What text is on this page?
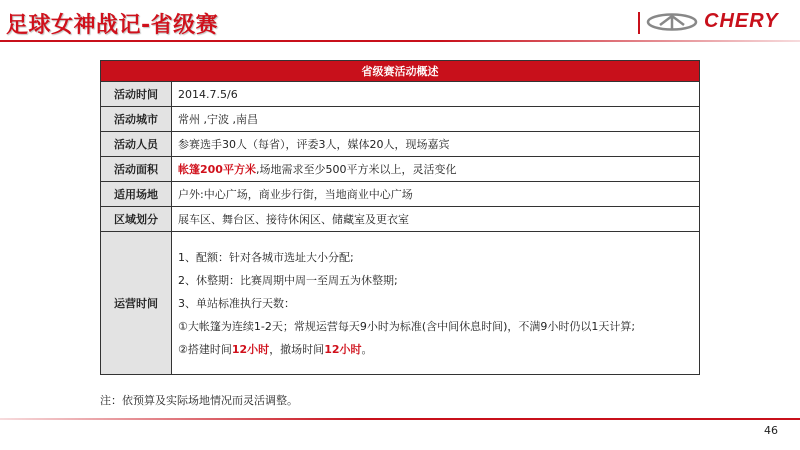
足球女神战记-省级赛	CHERY
省级赛活动概述	
活动时间	2014.7.5/6
活动城市	常州 ,宁波 ,南昌
活动人员	参赛选手30人（每省），评委3人，媒体20人，现场嘉宾
活动面积	帐篷200平方米,场地需求至少500平方米以上，灵活变化
适用场地	户外:中心广场，商业步行街，当地商业中心广场
区域划分	展车区、舞台区、接待休闲区、储藏室及更衣室
运营时间	1、配额：针对各城市选址大小分配;
2、休整期：比赛周期中周一至周五为休整期;
3、单站标准执行天数：
①大帐篷为连续1-2天；常规运营每天9小时为标准(含中间休息时间)，不满9小时仍以1天计算;
②搭建时间12小时，撤场时间12小时。
注：依预算及实际场地情况而灵活调整。
46
